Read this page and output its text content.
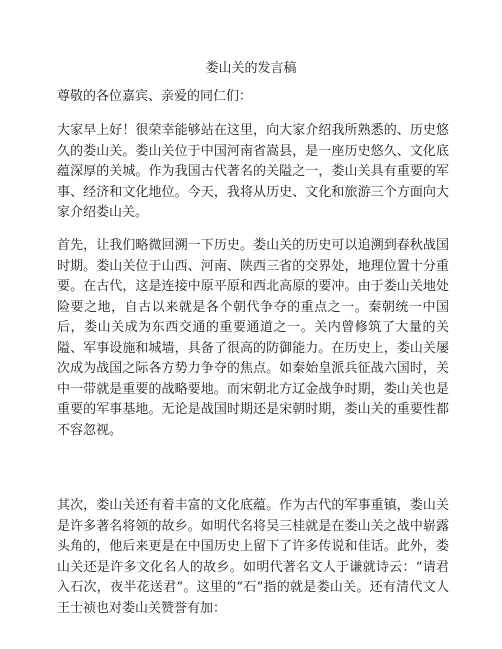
娄山关的发言稿

尊敬的各位嘉宾、亲爱的同仁们：

大家早上好！很荣幸能够站在这里，向大家介绍我所熟悉的、历史悠久的娄山关。娄山关位于中国河南省嵩县，是一座历史悠久、文化底蕴深厚的关城。作为我国古代著名的关隘之一，娄山关具有重要的军事、经济和文化地位。今天，我将从历史、文化和旅游三个方面向大家介绍娄山关。

首先，让我们略微回溯一下历史。娄山关的历史可以追溯到春秋战国时期。娄山关位于山西、河南、陕西三省的交界处，地理位置十分重要。在古代，这是连接中原平原和西北高原的要冲。由于娄山关地处险要之地，自古以来就是各个朝代争夺的重点之一。秦朝统一中国后，娄山关成为东西交通的重要通道之一。关内曾修筑了大量的关隘、军事设施和城墙，具备了很高的防御能力。在历史上，娄山关屡次成为战国之际各方势力争夺的焦点。如秦始皇派兵征战六国时，关中一带就是重要的战略要地。而宋朝北方辽金战争时期，娄山关也是重要的军事基地。无论是战国时期还是宋朝时期，娄山关的重要性都不容忽视。

其次，娄山关还有着丰富的文化底蕴。作为古代的军事重镇，娄山关是许多著名将领的故乡。如明代名将吴三桂就是在娄山关之战中崭露头角的，他后来更是在中国历史上留下了许多传说和佳话。此外，娄山关还是许多文化名人的故乡。如明代著名文人于谦就诗云：“请君入石次，夜半花送君”。这里的“石”指的就是娄山关。还有清代文人王士祯也对娄山关赞誉有加：
